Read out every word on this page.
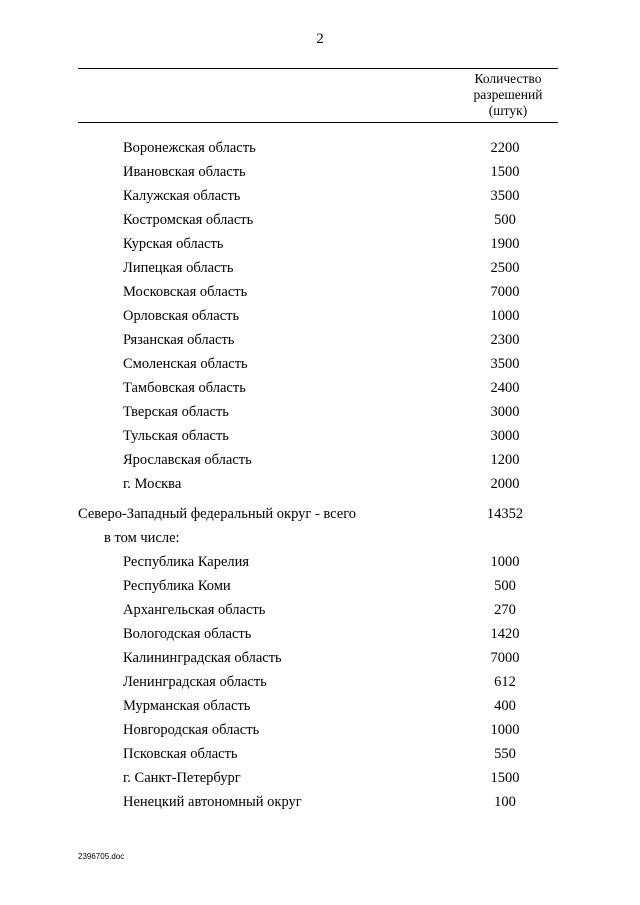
2
Количество
разрешений
(штук)
Воронежская область	2200
Ивановская область	1500
Калужская область	3500
Костромская область	500
Курская область	1900
Липецкая область	2500
Московская область	7000
Орловская область	1000
Рязанская область	2300
Смоленская область	3500
Тамбовская область	2400
Тверская область	3000
Тульская область	3000
Ярославская область	1200
г. Москва	2000
Северо-Западный федеральный округ - всего	14352
в том числе:
Республика Карелия	1000
Республика Коми	500
Архангельская область	270
Вологодская область	1420
Калининградская область	7000
Ленинградская область	612
Мурманская область	400
Новгородская область	1000
Псковская область	550
г. Санкт-Петербург	1500
Ненецкий автономный округ	100
2396705.doc
